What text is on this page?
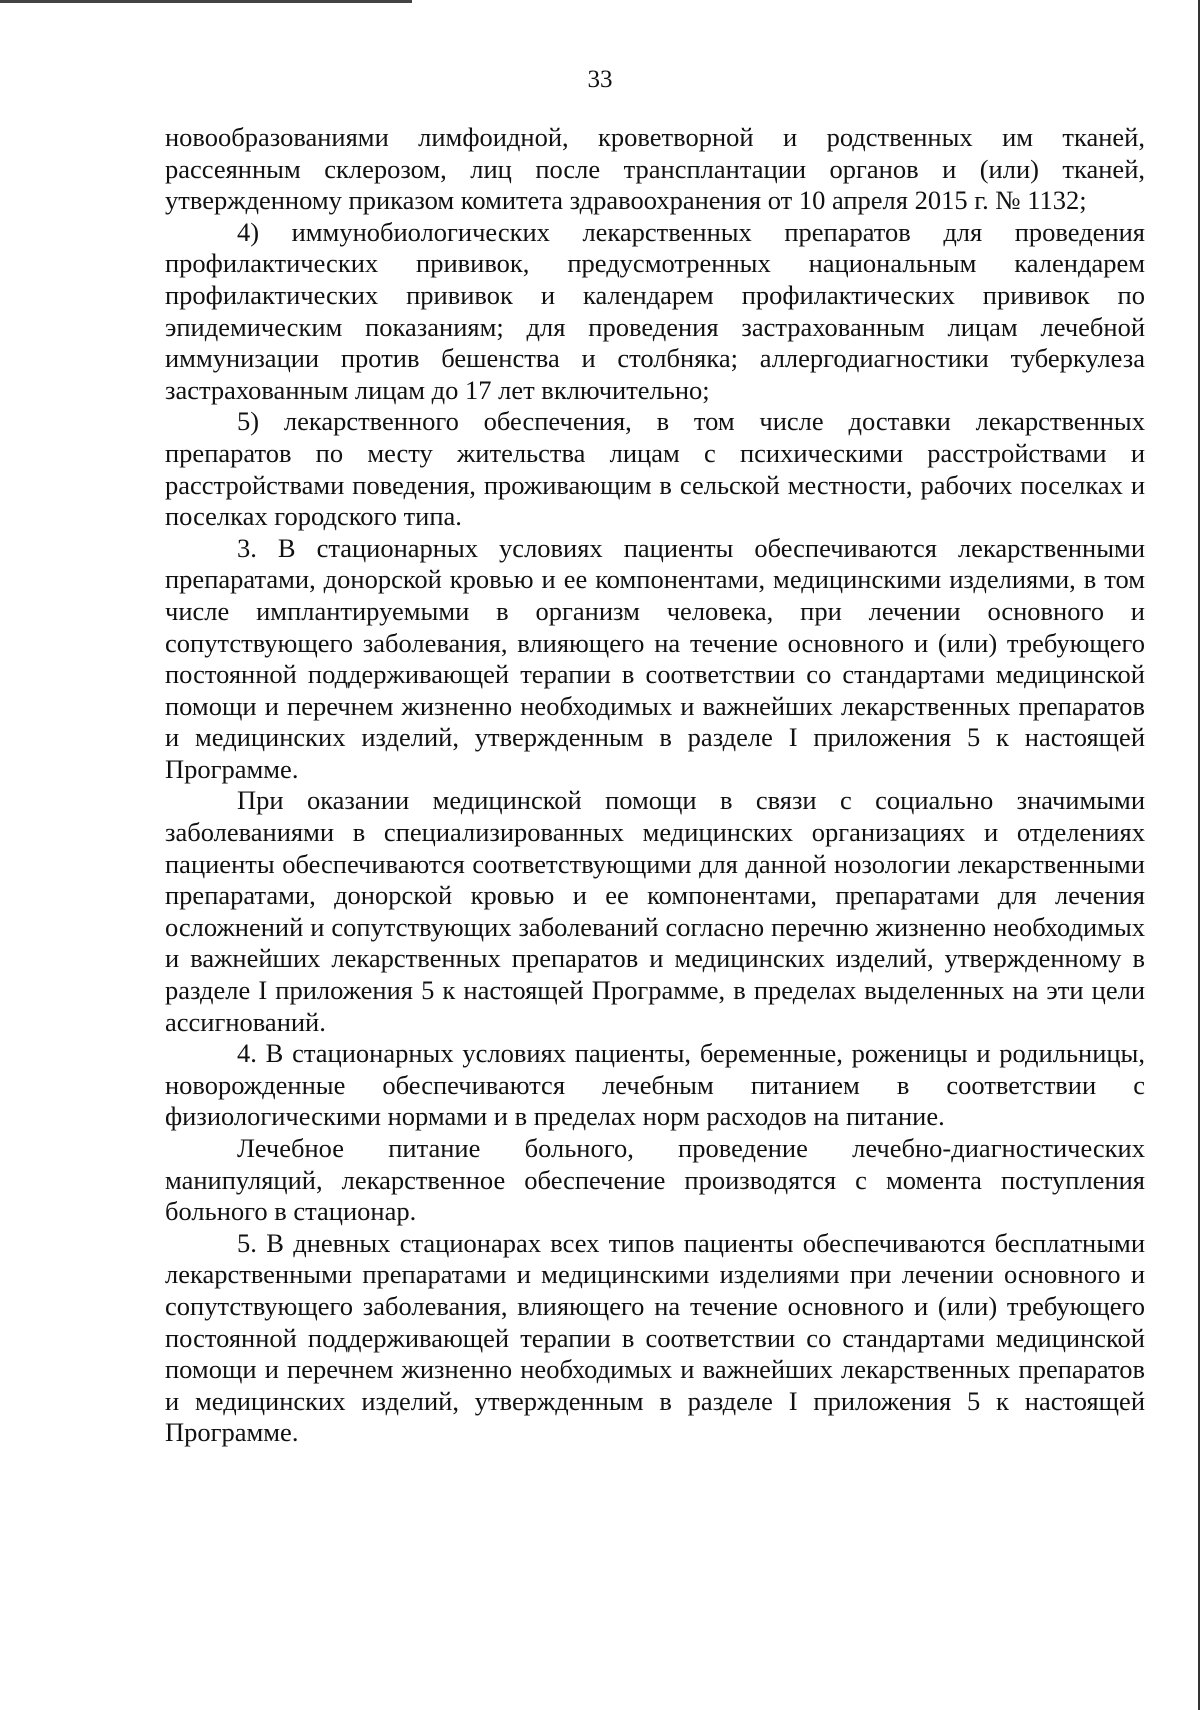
33

новообразованиями лимфоидной, кроветворной и родственных им тканей, рассеянным склерозом, лиц после трансплантации органов и (или) тканей, утвержденному приказом комитета здравоохранения от 10 апреля 2015 г. № 1132;

4) иммунобиологических лекарственных препаратов для проведения профилактических прививок, предусмотренных национальным календарем профилактических прививок и календарем профилактических прививок по эпидемическим показаниям; для проведения застрахованным лицам лечебной иммунизации против бешенства и столбняка; аллергодиагностики туберкулеза застрахованным лицам до 17 лет включительно;

5) лекарственного обеспечения, в том числе доставки лекарственных препаратов по месту жительства лицам с психическими расстройствами и расстройствами поведения, проживающим в сельской местности, рабочих поселках и поселках городского типа.

3. В стационарных условиях пациенты обеспечиваются лекарственными препаратами, донорской кровью и ее компонентами, медицинскими изделиями, в том числе имплантируемыми в организм человека, при лечении основного и сопутствующего заболевания, влияющего на течение основного и (или) требующего постоянной поддерживающей терапии в соответствии со стандартами медицинской помощи и перечнем жизненно необходимых и важнейших лекарственных препаратов и медицинских изделий, утвержденным в разделе I приложения 5 к настоящей Программе.

При оказании медицинской помощи в связи с социально значимыми заболеваниями в специализированных медицинских организациях и отделениях пациенты обеспечиваются соответствующими для данной нозологии лекарственными препаратами, донорской кровью и ее компонентами, препаратами для лечения осложнений и сопутствующих заболеваний согласно перечню жизненно необходимых и важнейших лекарственных препаратов и медицинских изделий, утвержденному в разделе I приложения 5 к настоящей Программе, в пределах выделенных на эти цели ассигнований.

4. В стационарных условиях пациенты, беременные, роженицы и родильницы, новорожденные обеспечиваются лечебным питанием в соответствии с физиологическими нормами и в пределах норм расходов на питание.

Лечебное питание больного, проведение лечебно-диагностических манипуляций, лекарственное обеспечение производятся с момента поступления больного в стационар.

5. В дневных стационарах всех типов пациенты обеспечиваются бесплатными лекарственными препаратами и медицинскими изделиями при лечении основного и сопутствующего заболевания, влияющего на течение основного и (или) требующего постоянной поддерживающей терапии в соответствии со стандартами медицинской помощи и перечнем жизненно необходимых и важнейших лекарственных препаратов и медицинских изделий, утвержденным в разделе I приложения 5 к настоящей Программе.
